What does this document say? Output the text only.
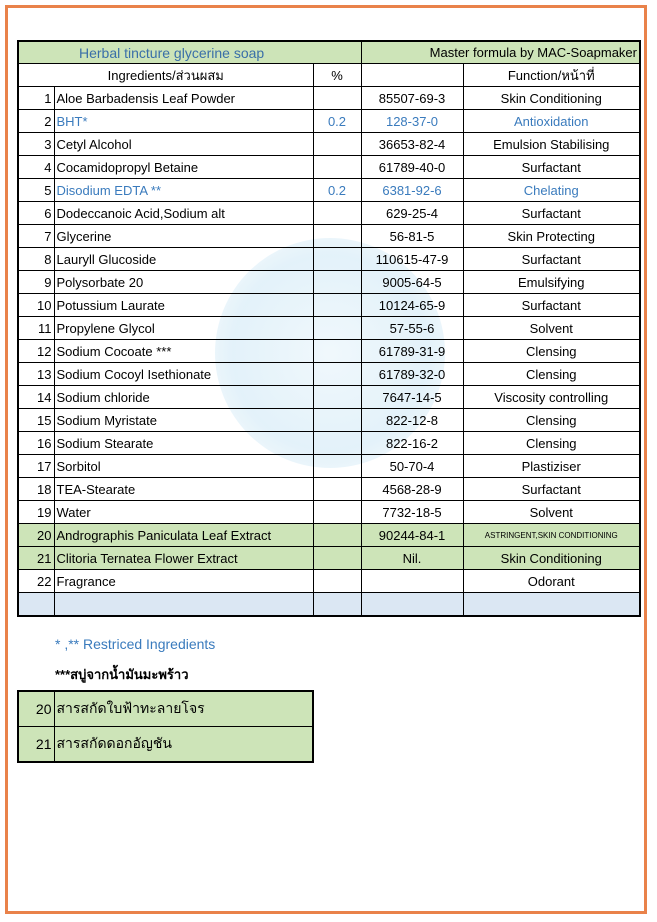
Herbal tincture glycerine soap			Master formula by MAC-Soapmaker	
Ingredients/ส่วนผสม		%		Function/หน้าที่
1	Aloe Barbadensis Leaf Powder		85507-69-3	Skin Conditioning
2	BHT*	0.2	128-37-0	Antioxidation
3	Cetyl Alcohol		36653-82-4	Emulsion Stabilising
4	Cocamidopropyl Betaine		61789-40-0	Surfactant
5	Disodium EDTA **	0.2	6381-92-6	Chelating
6	Dodeccanoic Acid,Sodium alt		629-25-4	Surfactant
7	Glycerine		56-81-5	Skin Protecting
8	Lauryll Glucoside		110615-47-9	Surfactant
9	Polysorbate 20		9005-64-5	Emulsifying
10	Potussium Laurate		10124-65-9	Surfactant
11	Propylene Glycol		57-55-6	Solvent
12	Sodium Cocoate ***		61789-31-9	Clensing
13	Sodium Cocoyl Isethionate		61789-32-0	Clensing
14	Sodium chloride		7647-14-5	Viscosity controlling
15	Sodium Myristate		822-12-8	Clensing
16	Sodium Stearate		822-16-2	Clensing
17	Sorbitol		50-70-4	Plastiziser
18	TEA-Stearate		4568-28-9	Surfactant
19	Water		7732-18-5	Solvent
20	Andrographis Paniculata Leaf Extract		90244-84-1	ASTRINGENT,SKIN CONDITIONING
21	Clitoria Ternatea Flower Extract		Nil.	Skin Conditioning
22	Fragrance			Odorant

* ,** Restriced Ingredients
***สบู่จากน้ำมันมะพร้าว
20	สารสกัดใบฟ้าทะลายโจร
21	สารสกัดดอกอัญชัน
